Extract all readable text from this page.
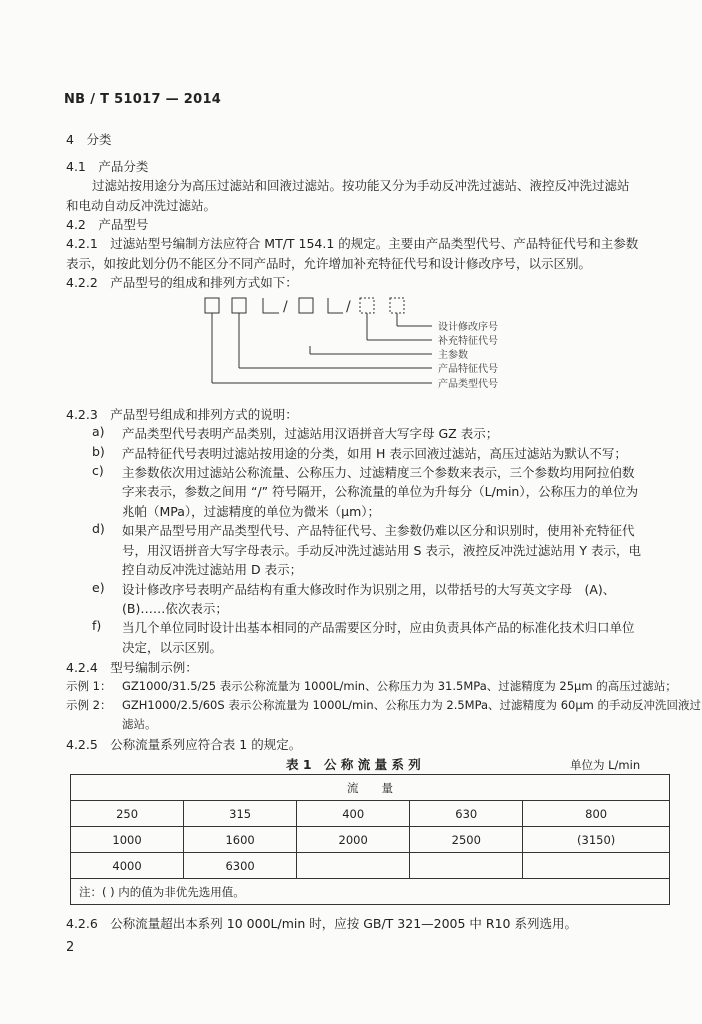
NB / T 51017 — 2014
4　分类
4.1　产品分类
过滤站按用途分为高压过滤站和回液过滤站。按功能又分为手动反冲洗过滤站、液控反冲洗过滤站
和电动自动反冲洗过滤站。
4.2　产品型号
4.2.1　过滤站型号编制方法应符合 MT/T 154.1 的规定。主要由产品类型代号、产品特征代号和主参数
表示，如按此划分仍不能区分不同产品时，允许增加补充特征代号和设计修改序号，以示区别。
4.2.2　产品型号的组成和排列方式如下：
/	/
设计修改序号
补充特征代号
主参数
产品特征代号
产品类型代号
4.2.3　产品型号组成和排列方式的说明：
a) 产品类型代号表明产品类别，过滤站用汉语拼音大写字母 GZ 表示；
b) 产品特征代号表明过滤站按用途的分类，如用 H 表示回液过滤站，高压过滤站为默认不写；
c) 主参数依次用过滤站公称流量、公称压力、过滤精度三个参数来表示，三个参数均用阿拉伯数
字来表示，参数之间用 “/” 符号隔开，公称流量的单位为升每分（L/min），公称压力的单位为
兆帕（MPa），过滤精度的单位为微米（μm）；
d) 如果产品型号用产品类型代号、产品特征代号、主参数仍难以区分和识别时，使用补充特征代
号，用汉语拼音大写字母表示。手动反冲洗过滤站用 S 表示，液控反冲洗过滤站用 Y 表示，电
控自动反冲洗过滤站用 D 表示；
e) 设计修改序号表明产品结构有重大修改时作为识别之用，以带括号的大写英文字母　(A)、
(B)……依次表示；
f) 当几个单位同时设计出基本相同的产品需要区分时，应由负责具体产品的标准化技术归口单位
决定，以示区别。
4.2.4　型号编制示例：
示例 1： GZ1000/31.5/25 表示公称流量为 1000L/min、公称压力为 31.5MPa、过滤精度为 25μm 的高压过滤站；
示例 2： GZH1000/2.5/60S 表示公称流量为 1000L/min、公称压力为 2.5MPa、过滤精度为 60μm 的手动反冲洗回液过
滤站。
4.2.5　公称流量系列应符合表 1 的规定。
表 1　公 称 流 量 系 列	单位为 L/min
流　　量				
250	315	400	630	800
1000	1600	2000	2500	(3150)
4000	6300			
注：( ) 内的值为非优先选用值。				
4.2.6　公称流量超出本系列 10 000L/min 时，应按 GB/T 321—2005 中 R10 系列选用。
2
